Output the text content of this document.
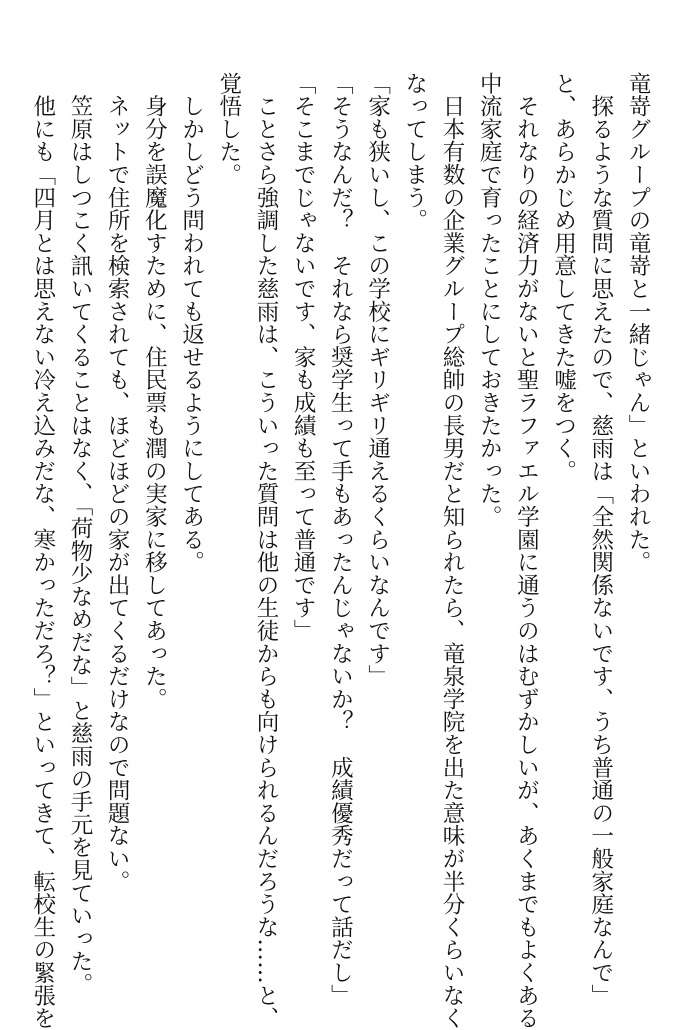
竜嵜グループの竜嵜と一緒じゃん」といわれた。

　探るような質問に思えたので、慈雨は「全然関係ないです、うち普通の一般家庭なんで」

と、あらかじめ用意してきた嘘をつく。

　それなりの経済力がないと聖ラファエル学園に通うのはむずかしいが、あくまでもよくある

中流家庭で育ったことにしておきたかった。

　日本有数の企業グループ総帥の長男だと知られたら、竜泉学院を出た意味が半分くらいなく

なってしまう。

「家も狭いし、この学校にギリギリ通えるくらいなんです」

「そうなんだ？　それなら奨学生って手もあったんじゃないか？　成績優秀だって話だし」

「そこまでじゃないです、家も成績も至って普通です」

　ことさら強調した慈雨は、こういった質問は他の生徒からも向けられるんだろうな……と、

覚悟した。

　しかしどう問われても返せるようにしてある。

　身分を誤魔化すために、住民票も潤の実家に移してあった。

　ネットで住所を検索されても、ほどほどの家が出てくるだけなので問題ない。

　笠原はしつこく訊いてくることはなく、「荷物少なめだな」と慈雨の手元を見ていった。

　他にも「四月とは思えない冷え込みだな、寒かっただろ？」といってきて、転校生の緊張を
